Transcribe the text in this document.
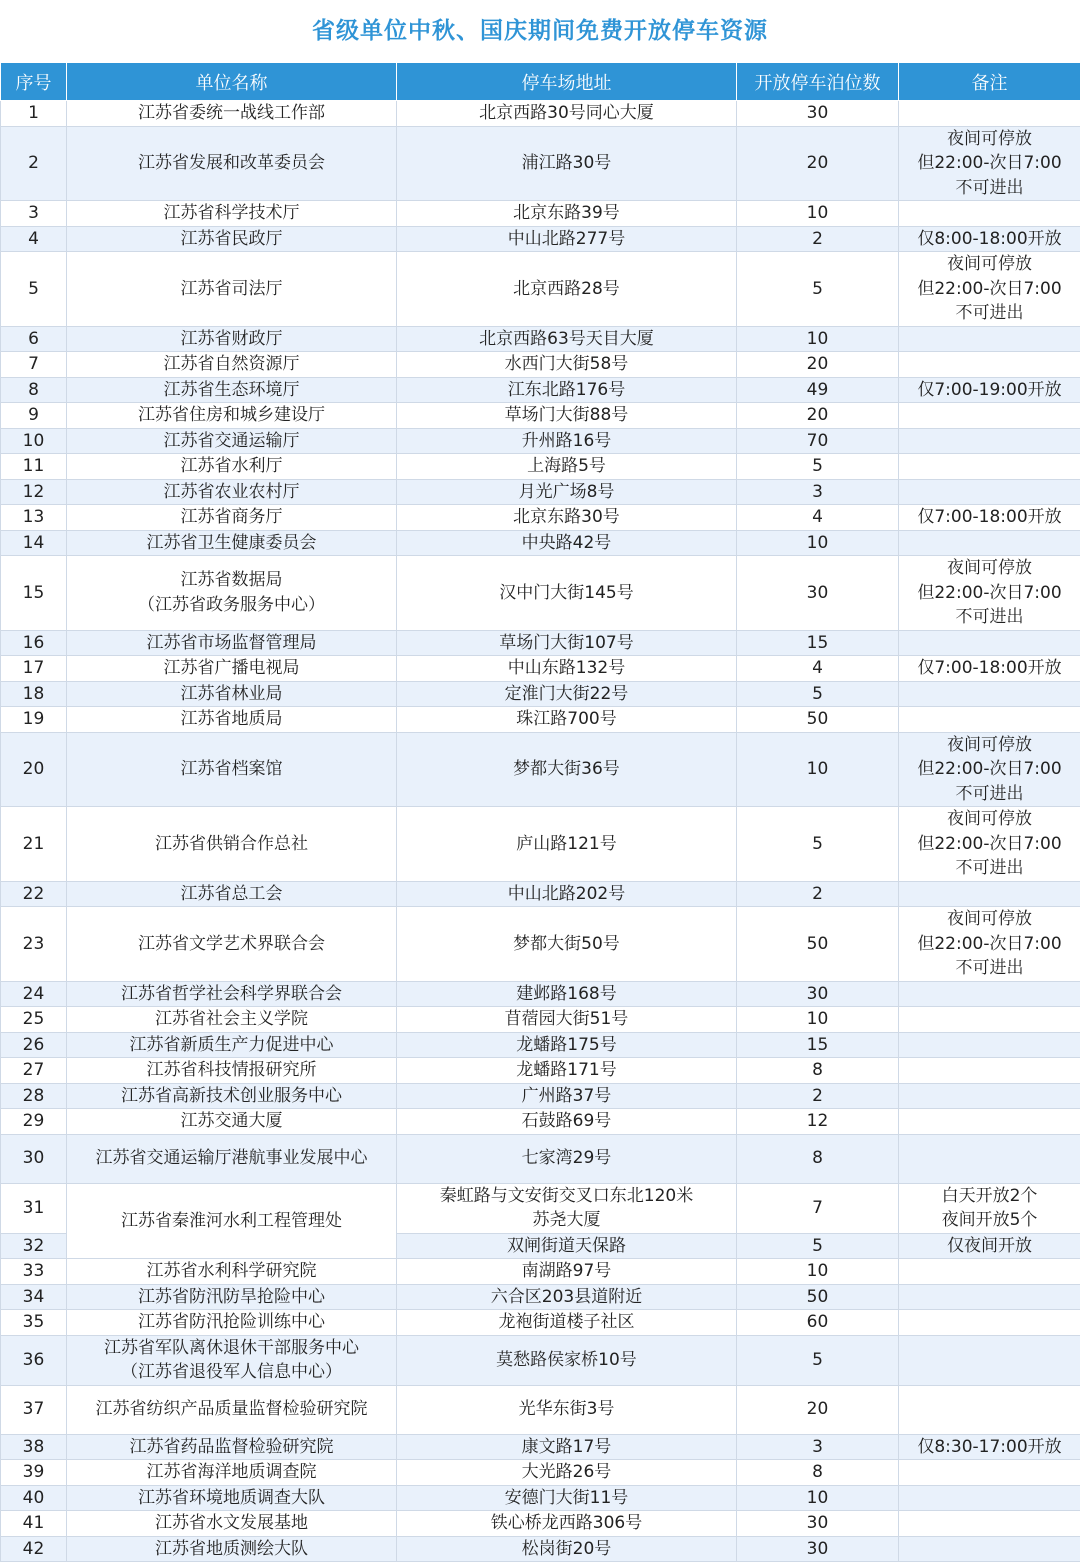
省级单位中秋、国庆期间免费开放停车资源
序号	单位名称	停车场地址	开放停车泊位数	备注
1	江苏省委统一战线工作部	北京西路30号同心大厦	30	
2	江苏省发展和改革委员会	浦江路30号	20	夜间可停放
但22:00-次日7:00
不可进出
3	江苏省科学技术厅	北京东路39号	10	
4	江苏省民政厅	中山北路277号	2	仅8:00-18:00开放
5	江苏省司法厅	北京西路28号	5	夜间可停放
但22:00-次日7:00
不可进出
6	江苏省财政厅	北京西路63号天目大厦	10	
7	江苏省自然资源厅	水西门大街58号	20	
8	江苏省生态环境厅	江东北路176号	49	仅7:00-19:00开放
9	江苏省住房和城乡建设厅	草场门大街88号	20	
10	江苏省交通运输厅	升州路16号	70	
11	江苏省水利厅	上海路5号	5	
12	江苏省农业农村厅	月光广场8号	3	
13	江苏省商务厅	北京东路30号	4	仅7:00-18:00开放
14	江苏省卫生健康委员会	中央路42号	10	
15	江苏省数据局
（江苏省政务服务中心）	汉中门大街145号	30	夜间可停放
但22:00-次日7:00
不可进出
16	江苏省市场监督管理局	草场门大街107号	15	
17	江苏省广播电视局	中山东路132号	4	仅7:00-18:00开放
18	江苏省林业局	定淮门大街22号	5	
19	江苏省地质局	珠江路700号	50	
20	江苏省档案馆	梦都大街36号	10	夜间可停放
但22:00-次日7:00
不可进出
21	江苏省供销合作总社	庐山路121号	5	夜间可停放
但22:00-次日7:00
不可进出
22	江苏省总工会	中山北路202号	2	
23	江苏省文学艺术界联合会	梦都大街50号	50	夜间可停放
但22:00-次日7:00
不可进出
24	江苏省哲学社会科学界联合会	建邺路168号	30	
25	江苏省社会主义学院	苜蓿园大街51号	10	
26	江苏省新质生产力促进中心	龙蟠路175号	15	
27	江苏省科技情报研究所	龙蟠路171号	8	
28	江苏省高新技术创业服务中心	广州路37号	2	
29	江苏交通大厦	石鼓路69号	12	
30	江苏省交通运输厅港航事业发展中心	七家湾29号	8	
31	江苏省秦淮河水利工程管理处	秦虹路与文安街交叉口东北120米
苏尧大厦	7	白天开放2个
夜间开放5个
32		双闸街道天保路	5	仅夜间开放
33	江苏省水利科学研究院	南湖路97号	10	
34	江苏省防汛防旱抢险中心	六合区203县道附近	50	
35	江苏省防汛抢险训练中心	龙袍街道楼子社区	60	
36	江苏省军队离休退休干部服务中心
（江苏省退役军人信息中心）	莫愁路侯家桥10号	5	
37	江苏省纺织产品质量监督检验研究院	光华东街3号	20	
38	江苏省药品监督检验研究院	康文路17号	3	仅8:30-17:00开放
39	江苏省海洋地质调查院	大光路26号	8	
40	江苏省环境地质调查大队	安德门大街11号	10	
41	江苏省水文发展基地	铁心桥龙西路306号	30	
42	江苏省地质测绘大队	松岗街20号	30	
